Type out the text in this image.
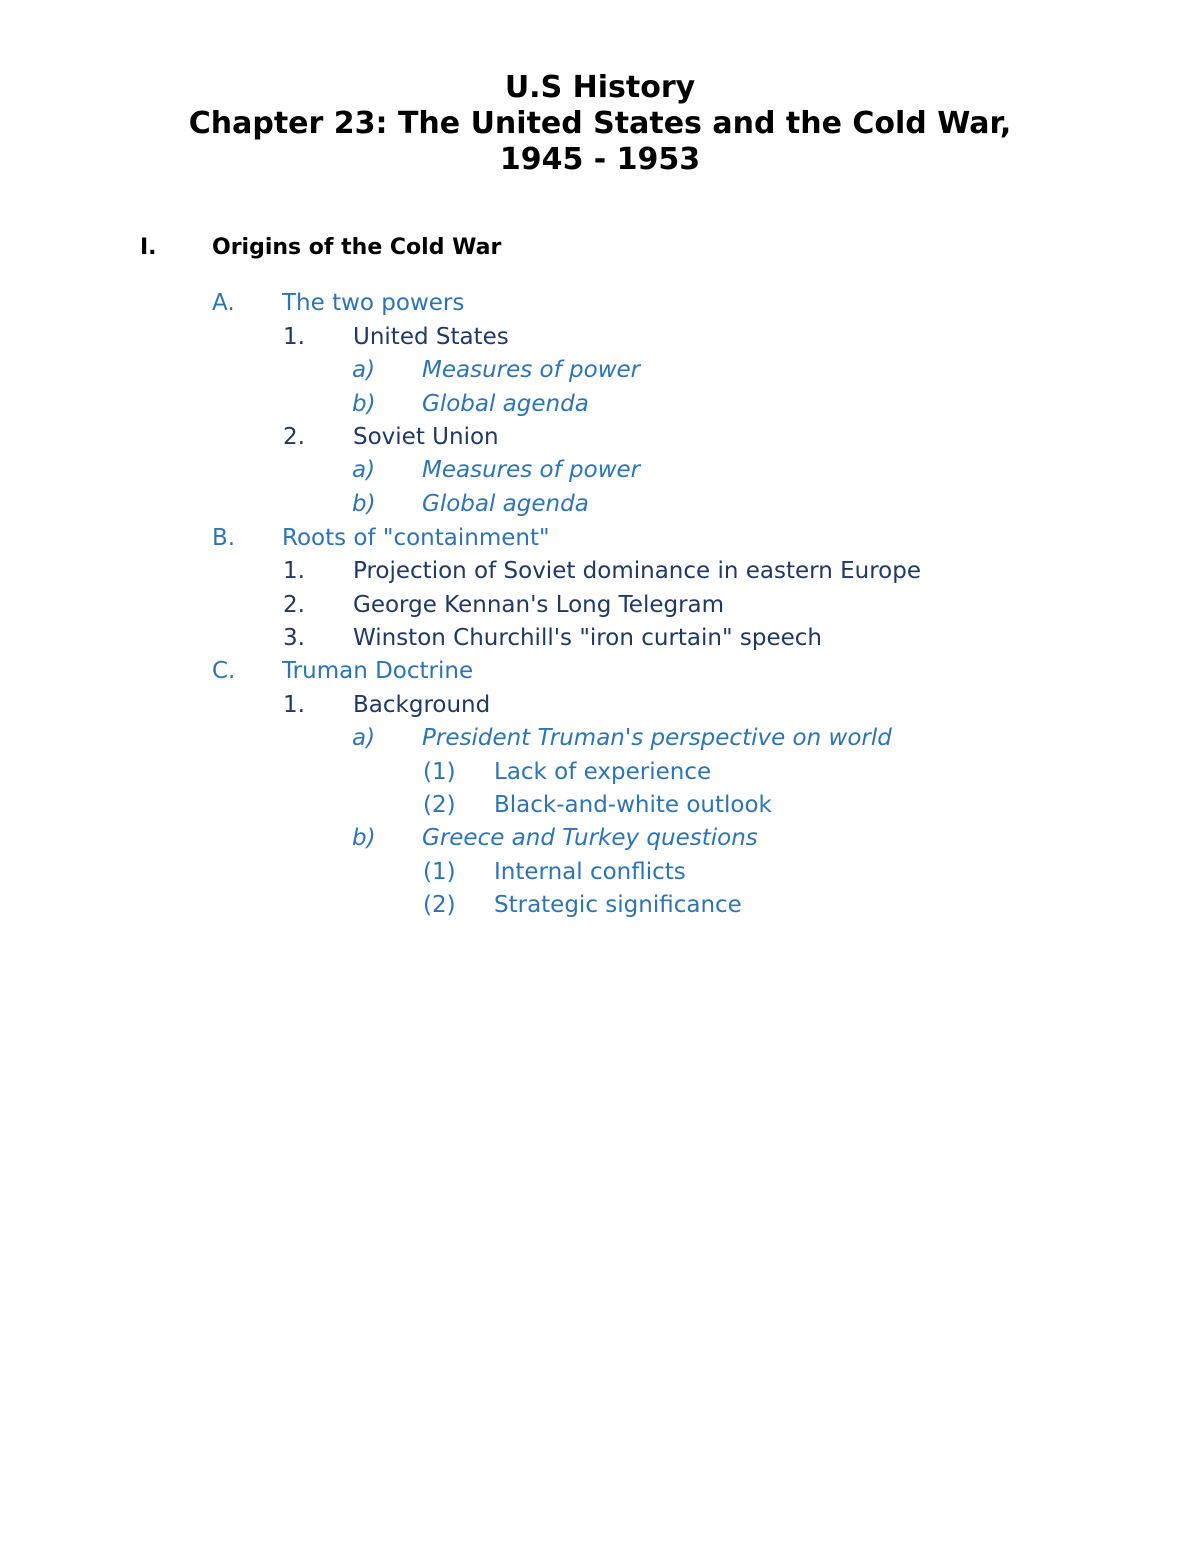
U.S History

Chapter 23: The United States and the Cold War,

1945 - 1953

I.	Origins of the Cold War
A. The two powers
1. United States
a) Measures of power
b) Global agenda
2. Soviet Union
a) Measures of power
b) Global agenda
B. Roots of "containment"
1. Projection of Soviet dominance in eastern Europe
2. George Kennan's Long Telegram
3. Winston Churchill's "iron curtain" speech
C. Truman Doctrine
1. Background
a) President Truman's perspective on world
(1) Lack of experience
(2) Black-and-white outlook
b) Greece and Turkey questions
(1) Internal conflicts
(2) Strategic significance
